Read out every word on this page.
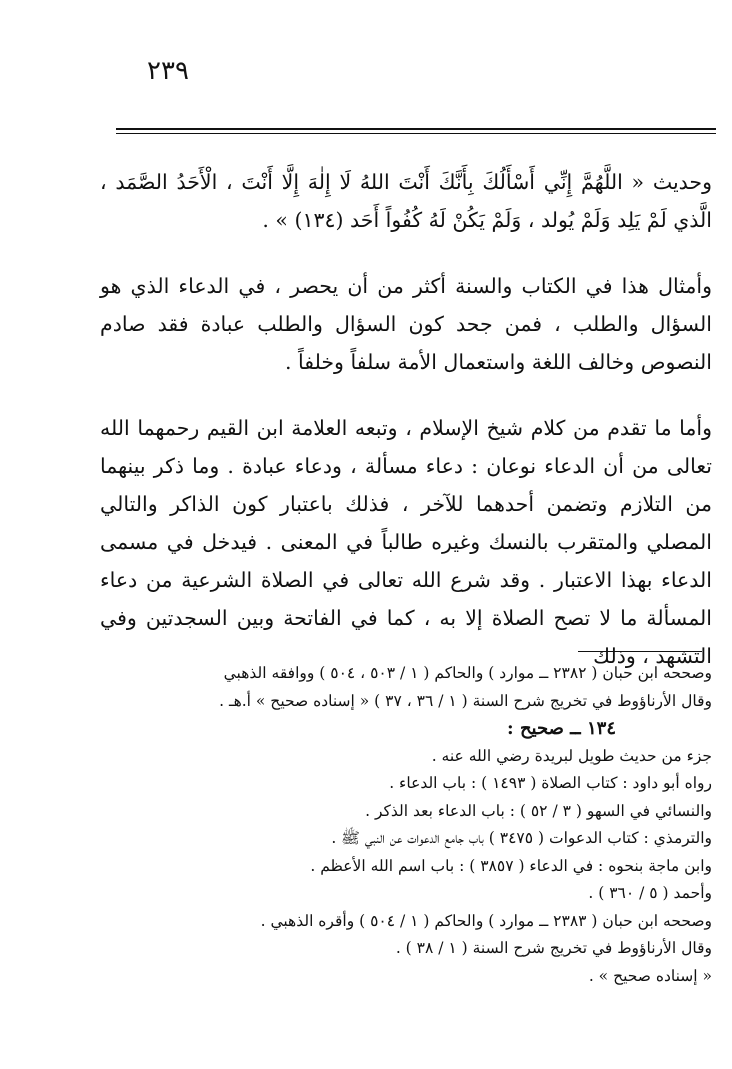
٢٣٩

وحديث « اللَّهُمَّ إِنِّي أَسْأَلُكَ بِأَنَّكَ أَنْتَ اللهُ لَا إِلٰهَ إِلَّا أَنْتَ ، الْأَحَدُ الصَّمَد ، الَّذي لَمْ يَلِد وَلَمْ يُولد ، وَلَمْ يَكُنْ لَهُ كُفُواً أَحَد (١٣٤) » .

وأمثال هذا في الكتاب والسنة أكثر من أن يحصر ، في الدعاء الذي هو السؤال والطلب ، فمن جحد كون السؤال والطلب عبادة فقد صادم النصوص وخالف اللغة واستعمال الأمة سلفاً وخلفاً .

وأما ما تقدم من كلام شيخ الإسلام ، وتبعه العلامة ابن القيم رحمهما الله تعالى من أن الدعاء نوعان : دعاء مسألة ، ودعاء عبادة . وما ذكر بينهما من التلازم وتضمن أحدهما للآخر ، فذلك باعتبار كون الذاكر والتالي المصلي والمتقرب بالنسك وغيره طالباً في المعنى . فيدخل في مسمى الدعاء بهذا الاعتبار . وقد شرع الله تعالى في الصلاة الشرعية من دعاء المسألة ما لا تصح الصلاة إلا به ، كما في الفاتحة وبين السجدتين وفي التشهد ، وذلك

وصححه ابن حبان ( ٢٣٨٢ ــ موارد ) والحاكم ( ١ / ٥٠٣ ، ٥٠٤ ) ووافقه الذهبي
وقال الأرناؤوط في تخريج شرح السنة ( ١ / ٣٦ ، ٣٧ ) « إسناده صحيح » أ.هـ .
١٣٤ ــ صحيح :
جزء من حديث طويل لبريدة رضي الله عنه .
رواه أبو داود : كتاب الصلاة ( ١٤٩٣ ) : باب الدعاء .
والنسائي في السهو ( ٣ / ٥٢ ) : باب الدعاء بعد الذكر .
والترمذي : كتاب الدعوات ( ٣٤٧٥ ) باب جامع الدعوات عن النبي ﷺ .
وابن ماجة بنحوه : في الدعاء ( ٣٨٥٧ ) : باب اسم الله الأعظم .
وأحمد ( ٥ / ٣٦٠ ) .
وصححه ابن حبان ( ٢٣٨٣ ــ موارد ) والحاكم ( ١ / ٥٠٤ ) وأقره الذهبي .
وقال الأرناؤوط في تخريج شرح السنة ( ١ / ٣٨ ) .
« إسناده صحيح » .
